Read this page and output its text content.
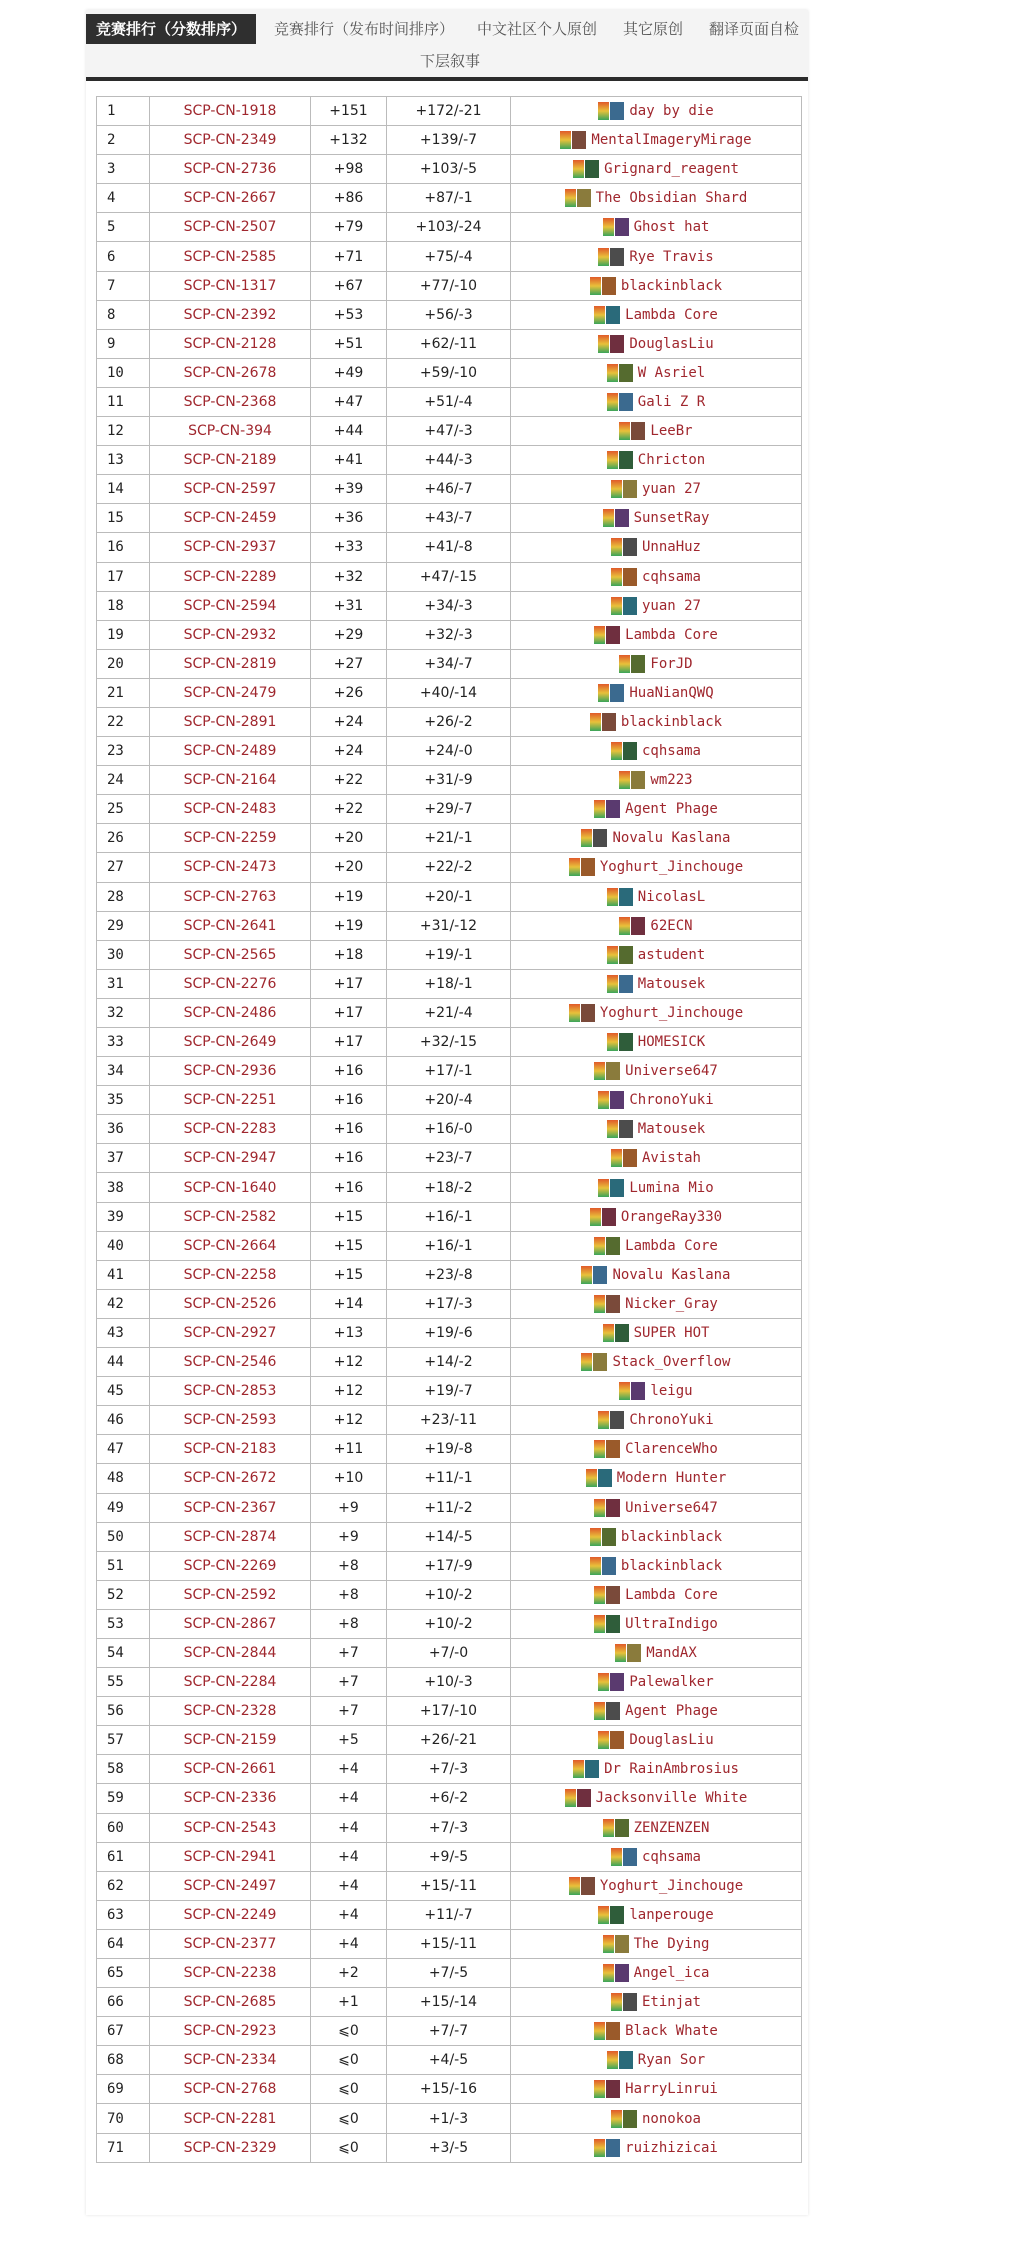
竞赛排行（分数排序）	竞赛排行（发布时间排序） 中文社区个人原创 其它原创 翻译页面自检
下层叙事
1	SCP-CN-1918	+151	+172/-21	day by die
2	SCP-CN-2349	+132	+139/-7	MentalImageryMirage
3	SCP-CN-2736	+98	+103/-5	Grignard_reagent
4	SCP-CN-2667	+86	+87/-1	The Obsidian Shard
5	SCP-CN-2507	+79	+103/-24	Ghost hat
6	SCP-CN-2585	+71	+75/-4	Rye Travis
7	SCP-CN-1317	+67	+77/-10	blackinblack
8	SCP-CN-2392	+53	+56/-3	Lambda Core
9	SCP-CN-2128	+51	+62/-11	DouglasLiu
10	SCP-CN-2678	+49	+59/-10	W Asriel
11	SCP-CN-2368	+47	+51/-4	Gali Z R
12	SCP-CN-394	+44	+47/-3	LeeBr
13	SCP-CN-2189	+41	+44/-3	Chricton
14	SCP-CN-2597	+39	+46/-7	yuan 27
15	SCP-CN-2459	+36	+43/-7	SunsetRay
16	SCP-CN-2937	+33	+41/-8	UnnaHuz
17	SCP-CN-2289	+32	+47/-15	cqhsama
18	SCP-CN-2594	+31	+34/-3	yuan 27
19	SCP-CN-2932	+29	+32/-3	Lambda Core
20	SCP-CN-2819	+27	+34/-7	ForJD
21	SCP-CN-2479	+26	+40/-14	HuaNianQWQ
22	SCP-CN-2891	+24	+26/-2	blackinblack
23	SCP-CN-2489	+24	+24/-0	cqhsama
24	SCP-CN-2164	+22	+31/-9	wm223
25	SCP-CN-2483	+22	+29/-7	Agent Phage
26	SCP-CN-2259	+20	+21/-1	Novalu Kaslana
27	SCP-CN-2473	+20	+22/-2	Yoghurt_Jinchouge
28	SCP-CN-2763	+19	+20/-1	NicolasL
29	SCP-CN-2641	+19	+31/-12	62ECN
30	SCP-CN-2565	+18	+19/-1	astudent
31	SCP-CN-2276	+17	+18/-1	Matousek
32	SCP-CN-2486	+17	+21/-4	Yoghurt_Jinchouge
33	SCP-CN-2649	+17	+32/-15	HOMESICK
34	SCP-CN-2936	+16	+17/-1	Universe647
35	SCP-CN-2251	+16	+20/-4	ChronoYuki
36	SCP-CN-2283	+16	+16/-0	Matousek
37	SCP-CN-2947	+16	+23/-7	Avistah
38	SCP-CN-1640	+16	+18/-2	Lumina Mio
39	SCP-CN-2582	+15	+16/-1	OrangeRay330
40	SCP-CN-2664	+15	+16/-1	Lambda Core
41	SCP-CN-2258	+15	+23/-8	Novalu Kaslana
42	SCP-CN-2526	+14	+17/-3	Nicker_Gray
43	SCP-CN-2927	+13	+19/-6	SUPER HOT
44	SCP-CN-2546	+12	+14/-2	Stack_Overflow
45	SCP-CN-2853	+12	+19/-7	leigu
46	SCP-CN-2593	+12	+23/-11	ChronoYuki
47	SCP-CN-2183	+11	+19/-8	ClarenceWho
48	SCP-CN-2672	+10	+11/-1	Modern Hunter
49	SCP-CN-2367	+9	+11/-2	Universe647
50	SCP-CN-2874	+9	+14/-5	blackinblack
51	SCP-CN-2269	+8	+17/-9	blackinblack
52	SCP-CN-2592	+8	+10/-2	Lambda Core
53	SCP-CN-2867	+8	+10/-2	UltraIndigo
54	SCP-CN-2844	+7	+7/-0	MandAX
55	SCP-CN-2284	+7	+10/-3	Palewalker
56	SCP-CN-2328	+7	+17/-10	Agent Phage
57	SCP-CN-2159	+5	+26/-21	DouglasLiu
58	SCP-CN-2661	+4	+7/-3	Dr RainAmbrosius
59	SCP-CN-2336	+4	+6/-2	Jacksonville White
60	SCP-CN-2543	+4	+7/-3	ZENZENZEN
61	SCP-CN-2941	+4	+9/-5	cqhsama
62	SCP-CN-2497	+4	+15/-11	Yoghurt_Jinchouge
63	SCP-CN-2249	+4	+11/-7	lanperouge
64	SCP-CN-2377	+4	+15/-11	The Dying
65	SCP-CN-2238	+2	+7/-5	Angel_ica
66	SCP-CN-2685	+1	+15/-14	Etinjat
67	SCP-CN-2923	⩽0	+7/-7	Black Whate
68	SCP-CN-2334	⩽0	+4/-5	Ryan Sor
69	SCP-CN-2768	⩽0	+15/-16	HarryLinrui
70	SCP-CN-2281	⩽0	+1/-3	nonokoa
71	SCP-CN-2329	⩽0	+3/-5	ruizhizicai
